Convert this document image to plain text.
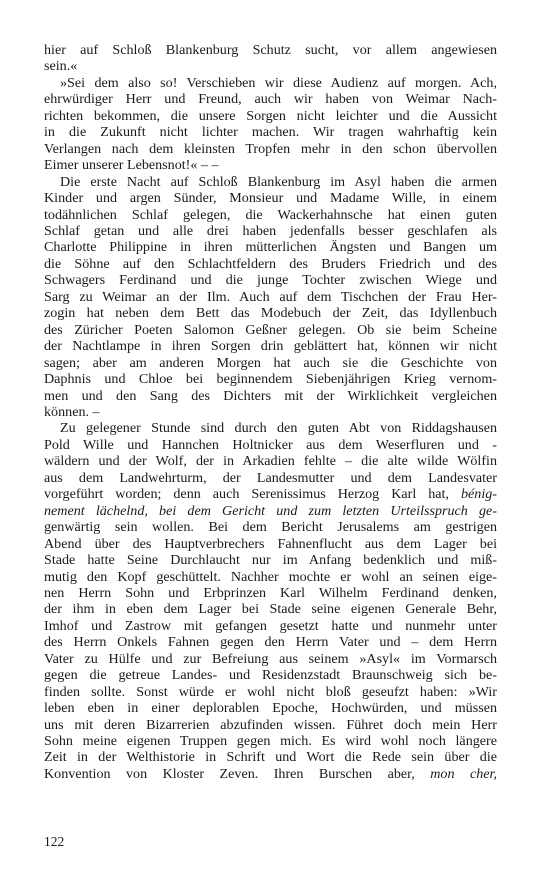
hier auf Schloß Blankenburg Schutz sucht, vor allem angewiesen
sein.«
»Sei dem also so! Verschieben wir diese Audienz auf morgen. Ach,
ehrwürdiger Herr und Freund, auch wir haben von Weimar Nach-
richten bekommen, die unsere Sorgen nicht leichter und die Aussicht
in die Zukunft nicht lichter machen. Wir tragen wahrhaftig kein
Verlangen nach dem kleinsten Tropfen mehr in den schon übervollen
Eimer unserer Lebensnot!« – –
Die erste Nacht auf Schloß Blankenburg im Asyl haben die armen
Kinder und argen Sünder, Monsieur und Madame Wille, in einem
todähnlichen Schlaf gelegen, die Wackerhahnsche hat einen guten
Schlaf getan und alle drei haben jedenfalls besser geschlafen als
Charlotte Philippine in ihren mütterlichen Ängsten und Bangen um
die Söhne auf den Schlachtfeldern des Bruders Friedrich und des
Schwagers Ferdinand und die junge Tochter zwischen Wiege und
Sarg zu Weimar an der Ilm. Auch auf dem Tischchen der Frau Her-
zogin hat neben dem Bett das Modebuch der Zeit, das Idyllenbuch
des Züricher Poeten Salomon Geßner gelegen. Ob sie beim Scheine
der Nachtlampe in ihren Sorgen drin geblättert hat, können wir nicht
sagen; aber am anderen Morgen hat auch sie die Geschichte von
Daphnis und Chloe bei beginnendem Siebenjährigen Krieg vernom-
men und den Sang des Dichters mit der Wirklichkeit vergleichen
können. –
Zu gelegener Stunde sind durch den guten Abt von Riddagshausen
Pold Wille und Hannchen Holtnicker aus dem Weserfluren und -
wäldern und der Wolf, der in Arkadien fehlte – die alte wilde Wölfin
aus dem Landwehrturm, der Landesmutter und dem Landesvater
vorgeführt worden; denn auch Serenissimus Herzog Karl hat, bénig-
nement lächelnd, bei dem Gericht und zum letzten Urteilsspruch ge-
genwärtig sein wollen. Bei dem Bericht Jerusalems am gestrigen
Abend über des Hauptverbrechers Fahnenflucht aus dem Lager bei
Stade hatte Seine Durchlaucht nur im Anfang bedenklich und miß-
mutig den Kopf geschüttelt. Nachher mochte er wohl an seinen eige-
nen Herrn Sohn und Erbprinzen Karl Wilhelm Ferdinand denken,
der ihm in eben dem Lager bei Stade seine eigenen Generale Behr,
Imhof und Zastrow mit gefangen gesetzt hatte und nunmehr unter
des Herrn Onkels Fahnen gegen den Herrn Vater und – dem Herrn
Vater zu Hülfe und zur Befreiung aus seinem »Asyl« im Vormarsch
gegen die getreue Landes- und Residenzstadt Braunschweig sich be-
finden sollte. Sonst würde er wohl nicht bloß geseufzt haben: »Wir
leben eben in einer deplorablen Epoche, Hochwürden, und müssen
uns mit deren Bizarrerien abzufinden wissen. Führet doch mein Herr
Sohn meine eigenen Truppen gegen mich. Es wird wohl noch längere
Zeit in der Welthistorie in Schrift und Wort die Rede sein über die
Konvention von Kloster Zeven. Ihren Burschen aber, mon cher,
122
